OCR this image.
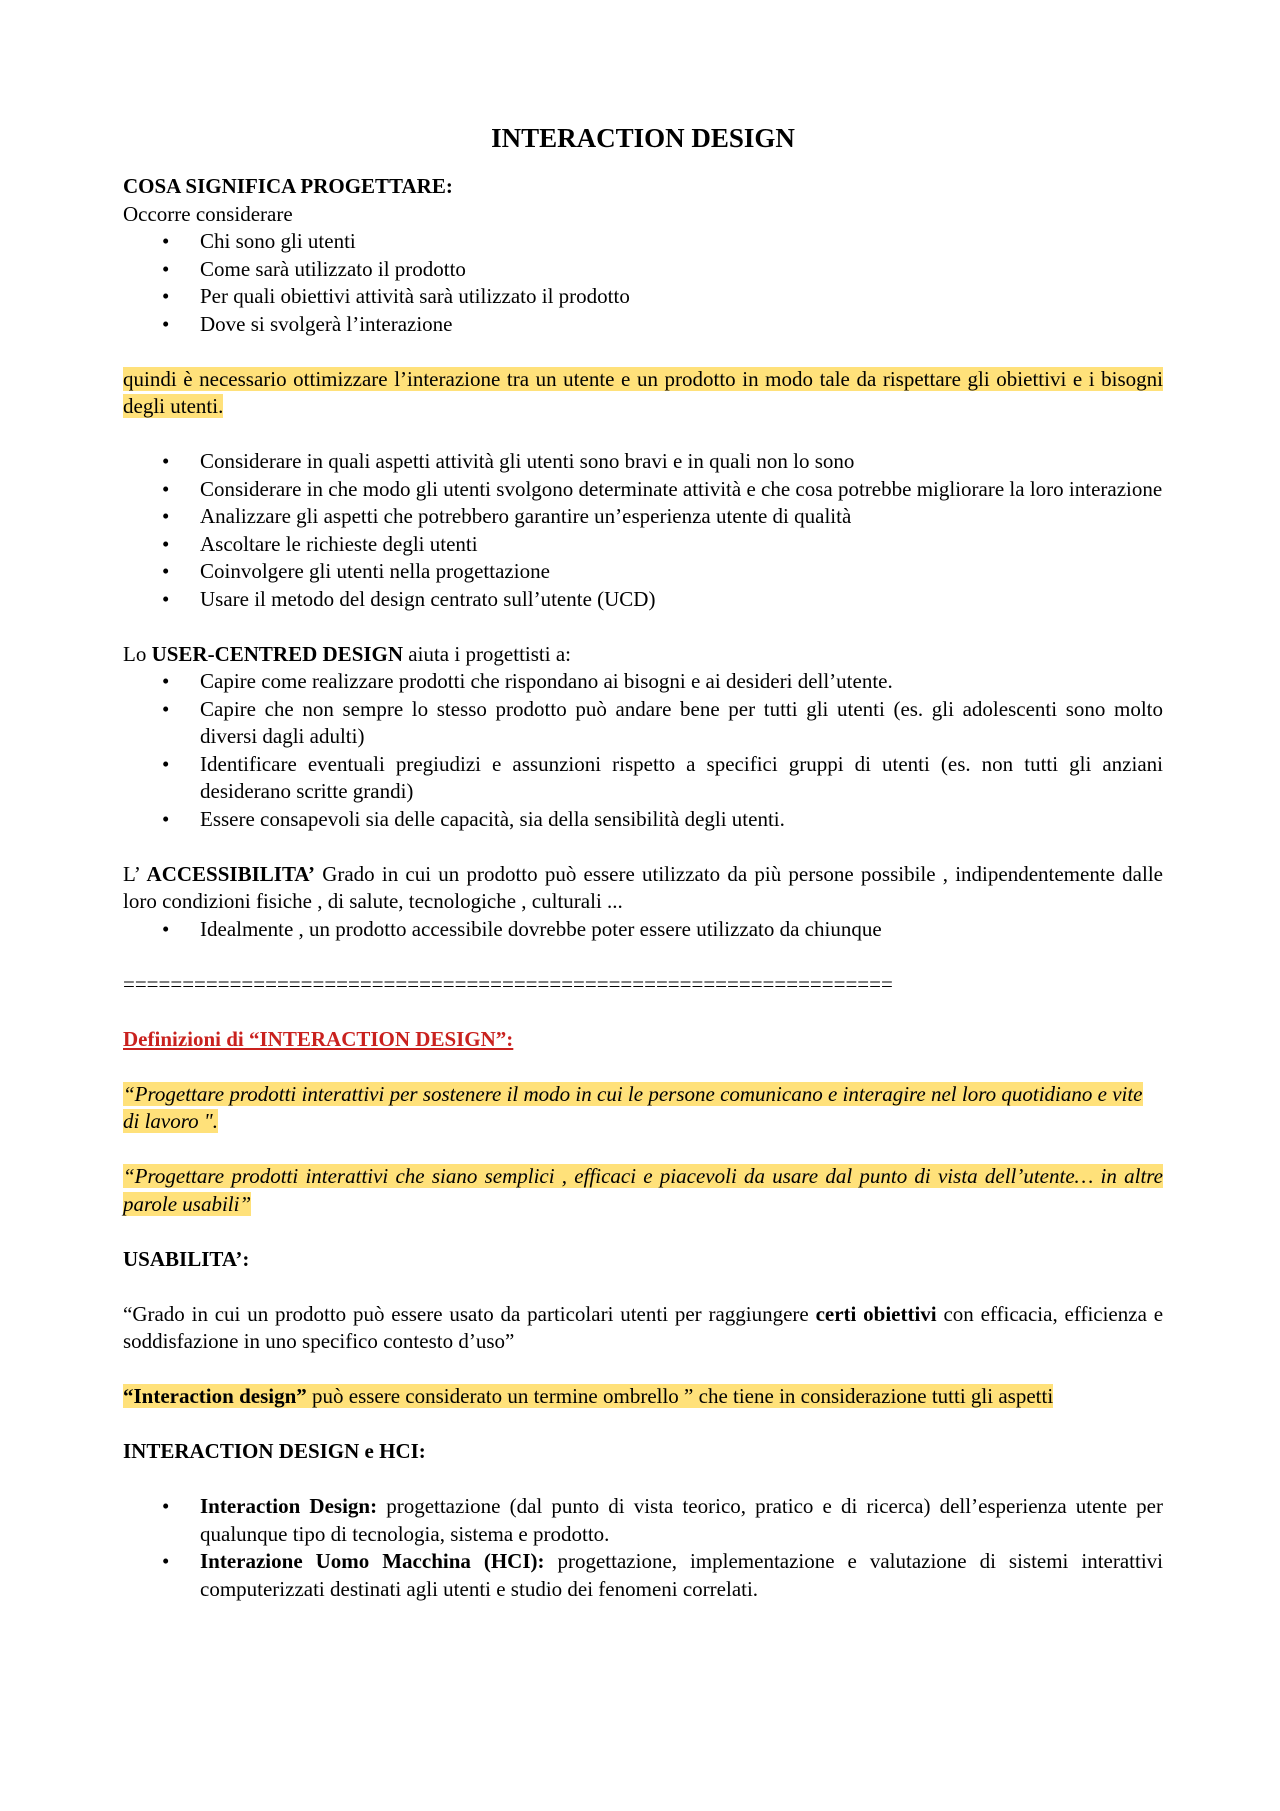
INTERACTION DESIGN

COSA SIGNIFICA PROGETTARE:

Occorre considerare

• Chi sono gli utenti
• Come sarà utilizzato il prodotto
• Per quali obiettivi attività sarà utilizzato il prodotto
• Dove si svolgerà l’interazione

quindi è necessario ottimizzare l’interazione tra un utente e un prodotto in modo tale da rispettare gli obiettivi e i bisogni degli utenti.

• Considerare in quali aspetti attività gli utenti sono bravi e in quali non lo sono
• Considerare in che modo gli utenti svolgono determinate attività e che cosa potrebbe migliorare la loro interazione
• Analizzare gli aspetti che potrebbero garantire un’esperienza utente di qualità
• Ascoltare le richieste degli utenti
• Coinvolgere gli utenti nella progettazione
• Usare il metodo del design centrato sull’utente (UCD)

Lo USER-CENTRED DESIGN aiuta i progettisti a:

• Capire come realizzare prodotti che rispondano ai bisogni e ai desideri dell’utente.
• Capire che non sempre lo stesso prodotto può andare bene per tutti gli utenti (es. gli adolescenti sono molto diversi dagli adulti)
• Identificare eventuali pregiudizi e assunzioni rispetto a specifici gruppi di utenti (es. non tutti gli anziani desiderano scritte grandi)
• Essere consapevoli sia delle capacità, sia della sensibilità degli utenti.

L’ ACCESSIBILITA’ Grado in cui un prodotto può essere utilizzato da più persone possibile , indipendentemente dalle loro condizioni fisiche , di salute, tecnologiche , culturali ...

• Idealmente , un prodotto accessibile dovrebbe poter essere utilizzato da chiunque

=================================================================

Definizioni di “INTERACTION DESIGN”:

“Progettare prodotti interattivi per sostenere il modo in cui le persone comunicano e interagire nel loro quotidiano e vite di lavoro ".

“Progettare prodotti interattivi che siano semplici , efficaci e piacevoli da usare dal punto di vista dell’utente… in altre parole usabili”

USABILITA’:

“Grado in cui un prodotto può essere usato da particolari utenti per raggiungere certi obiettivi con efficacia, efficienza e soddisfazione in uno specifico contesto d’uso”

“Interaction design” può essere considerato un termine ombrello ” che tiene in considerazione tutti gli aspetti

INTERACTION DESIGN e HCI:

• Interaction Design: progettazione (dal punto di vista teorico, pratico e di ricerca) dell’esperienza utente per qualunque tipo di tecnologia, sistema e prodotto.
• Interazione Uomo Macchina (HCI): progettazione, implementazione e valutazione di sistemi interattivi computerizzati destinati agli utenti e studio dei fenomeni correlati.
